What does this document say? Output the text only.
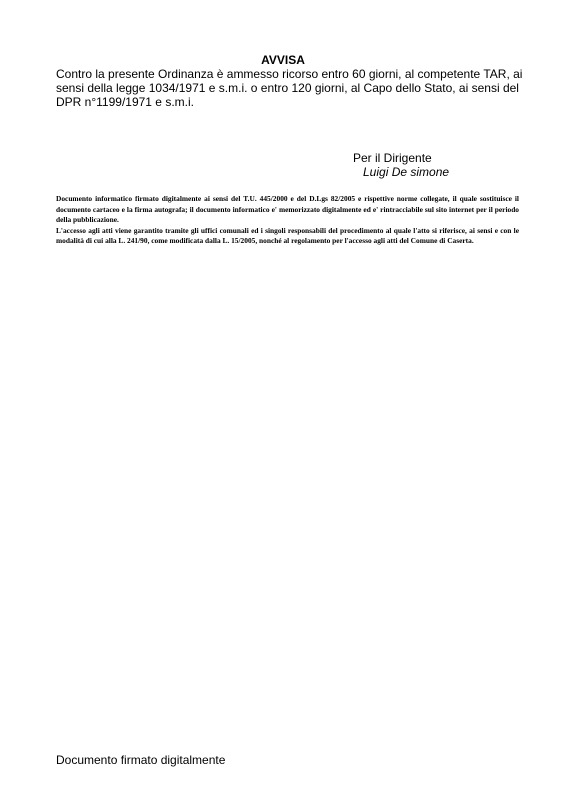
AVVISA
Contro la presente Ordinanza è ammesso ricorso entro 60 giorni, al competente TAR, ai
sensi della legge 1034/1971 e s.m.i. o entro 120 giorni, al Capo dello Stato, ai sensi del
DPR n°1199/1971 e s.m.i.
Per il Dirigente
Luigi De simone

Documento informatico firmato digitalmente ai sensi del T.U. 445/2000 e del D.Lgs 82/2005 e rispettive norme collegate, il quale sostituisce il documento cartaceo e la firma autografa; il documento informatico e' memorizzato digitalmente ed e' rintracciabile sul sito internet per il periodo della pubblicazione.

L'accesso agli atti viene garantito tramite gli uffici comunali ed i singoli responsabili del procedimento al quale l'atto si riferisce, ai sensi e con le modalità di cui alla L. 241/90, come modificata dalla L. 15/2005, nonché al regolamento per l'accesso agli atti del Comune di Caserta.

Documento firmato digitalmente
